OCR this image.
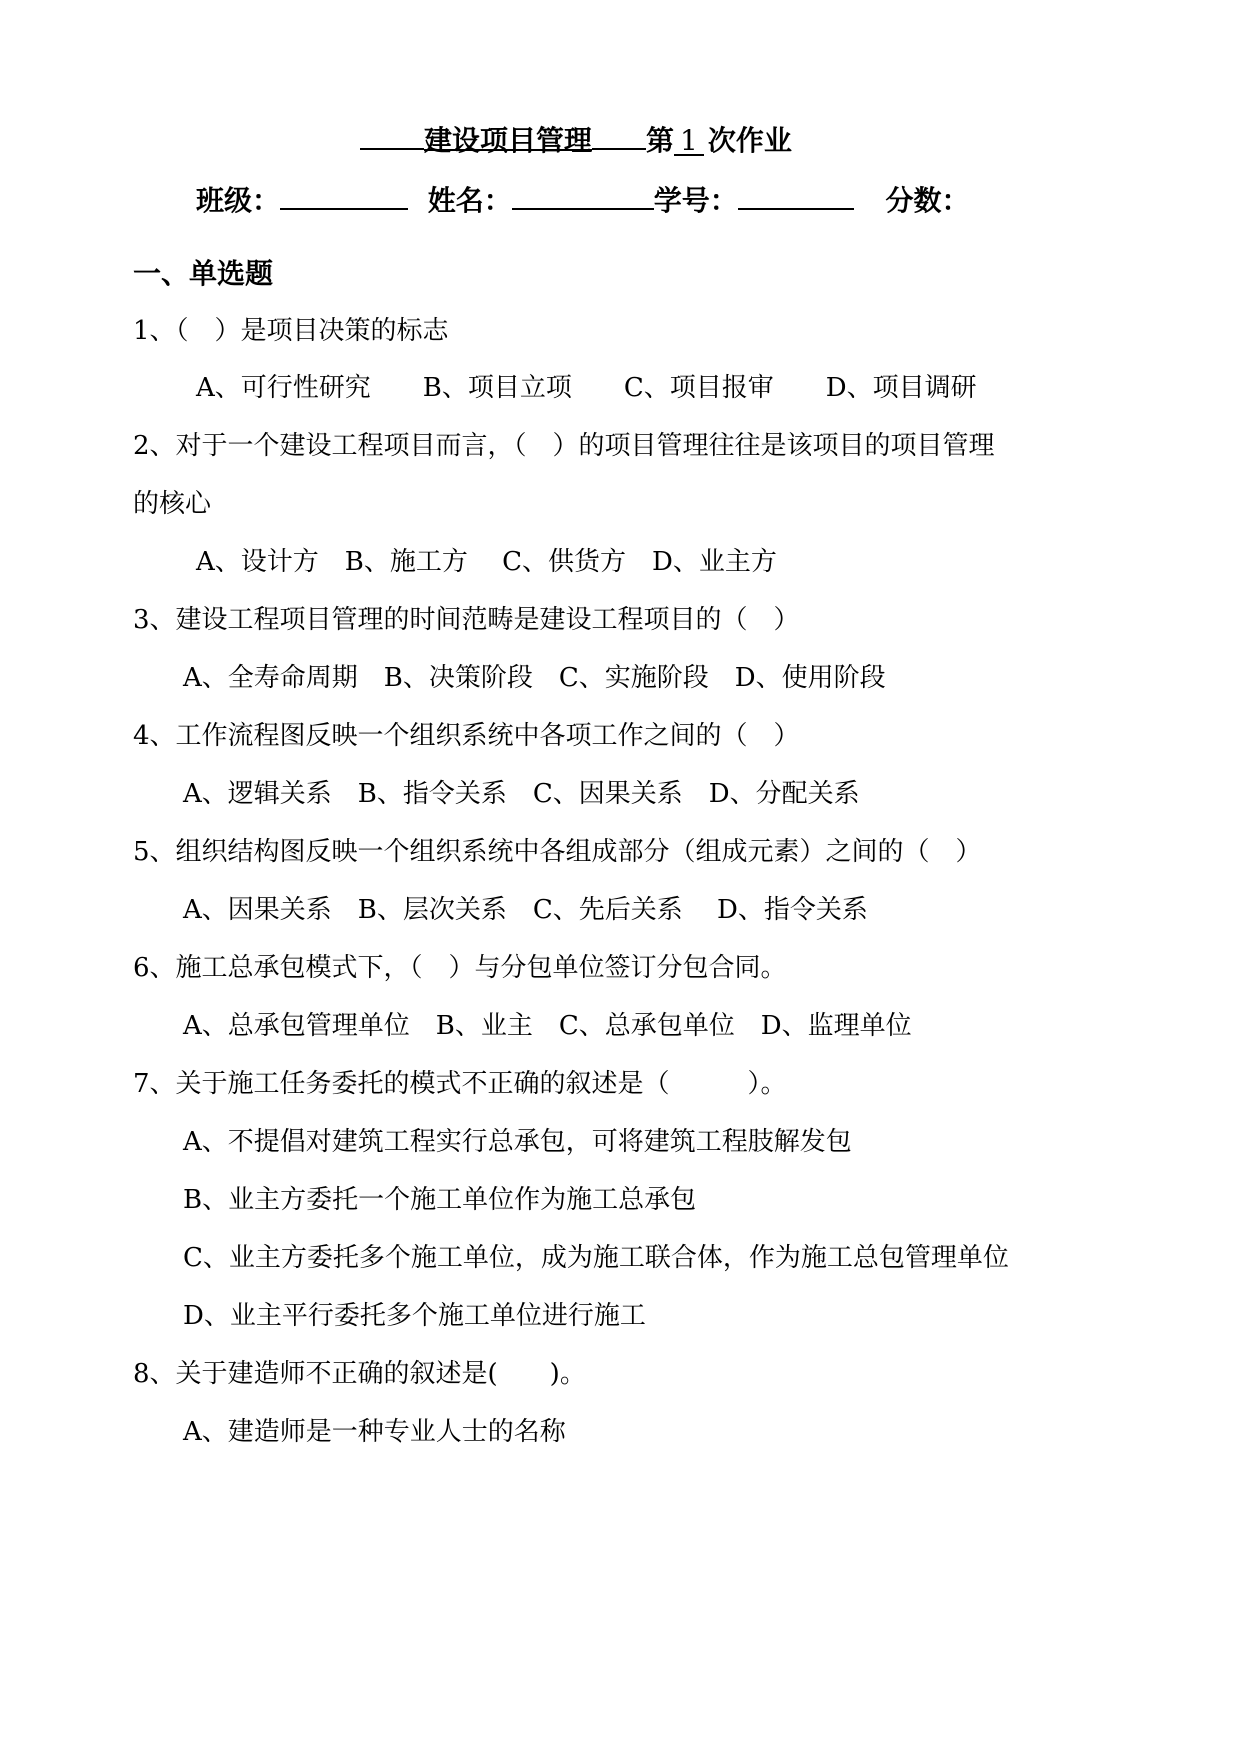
建设项目管理 第 1 次作业
班级：	姓名：	学号：	分数：
一、单选题
1、（　）是项目决策的标志
A、可行性研究　　B、项目立项　　C、项目报审　　D、项目调研
2、对于一个建设工程项目而言，（　）的项目管理往往是该项目的项目管理
的核心
A、设计方　B、施工方　 C、供货方　D、业主方
3、建设工程项目管理的时间范畴是建设工程项目的（　）
A、全寿命周期　B、决策阶段　C、实施阶段　D、使用阶段
4、工作流程图反映一个组织系统中各项工作之间的（　）
A、逻辑关系　B、指令关系　C、因果关系　D、分配关系
5、组织结构图反映一个组织系统中各组成部分（组成元素）之间的（　）
A、因果关系　B、层次关系　C、先后关系　 D、指令关系
6、施工总承包模式下，（　）与分包单位签订分包合同。
A、总承包管理单位　B、业主　C、总承包单位　D、监理单位
7、关于施工任务委托的模式不正确的叙述是（　　　）。
A、不提倡对建筑工程实行总承包，可将建筑工程肢解发包
B、业主方委托一个施工单位作为施工总承包
C、业主方委托多个施工单位，成为施工联合体，作为施工总包管理单位
D、业主平行委托多个施工单位进行施工
8、关于建造师不正确的叙述是(　　)。
A、建造师是一种专业人士的名称
